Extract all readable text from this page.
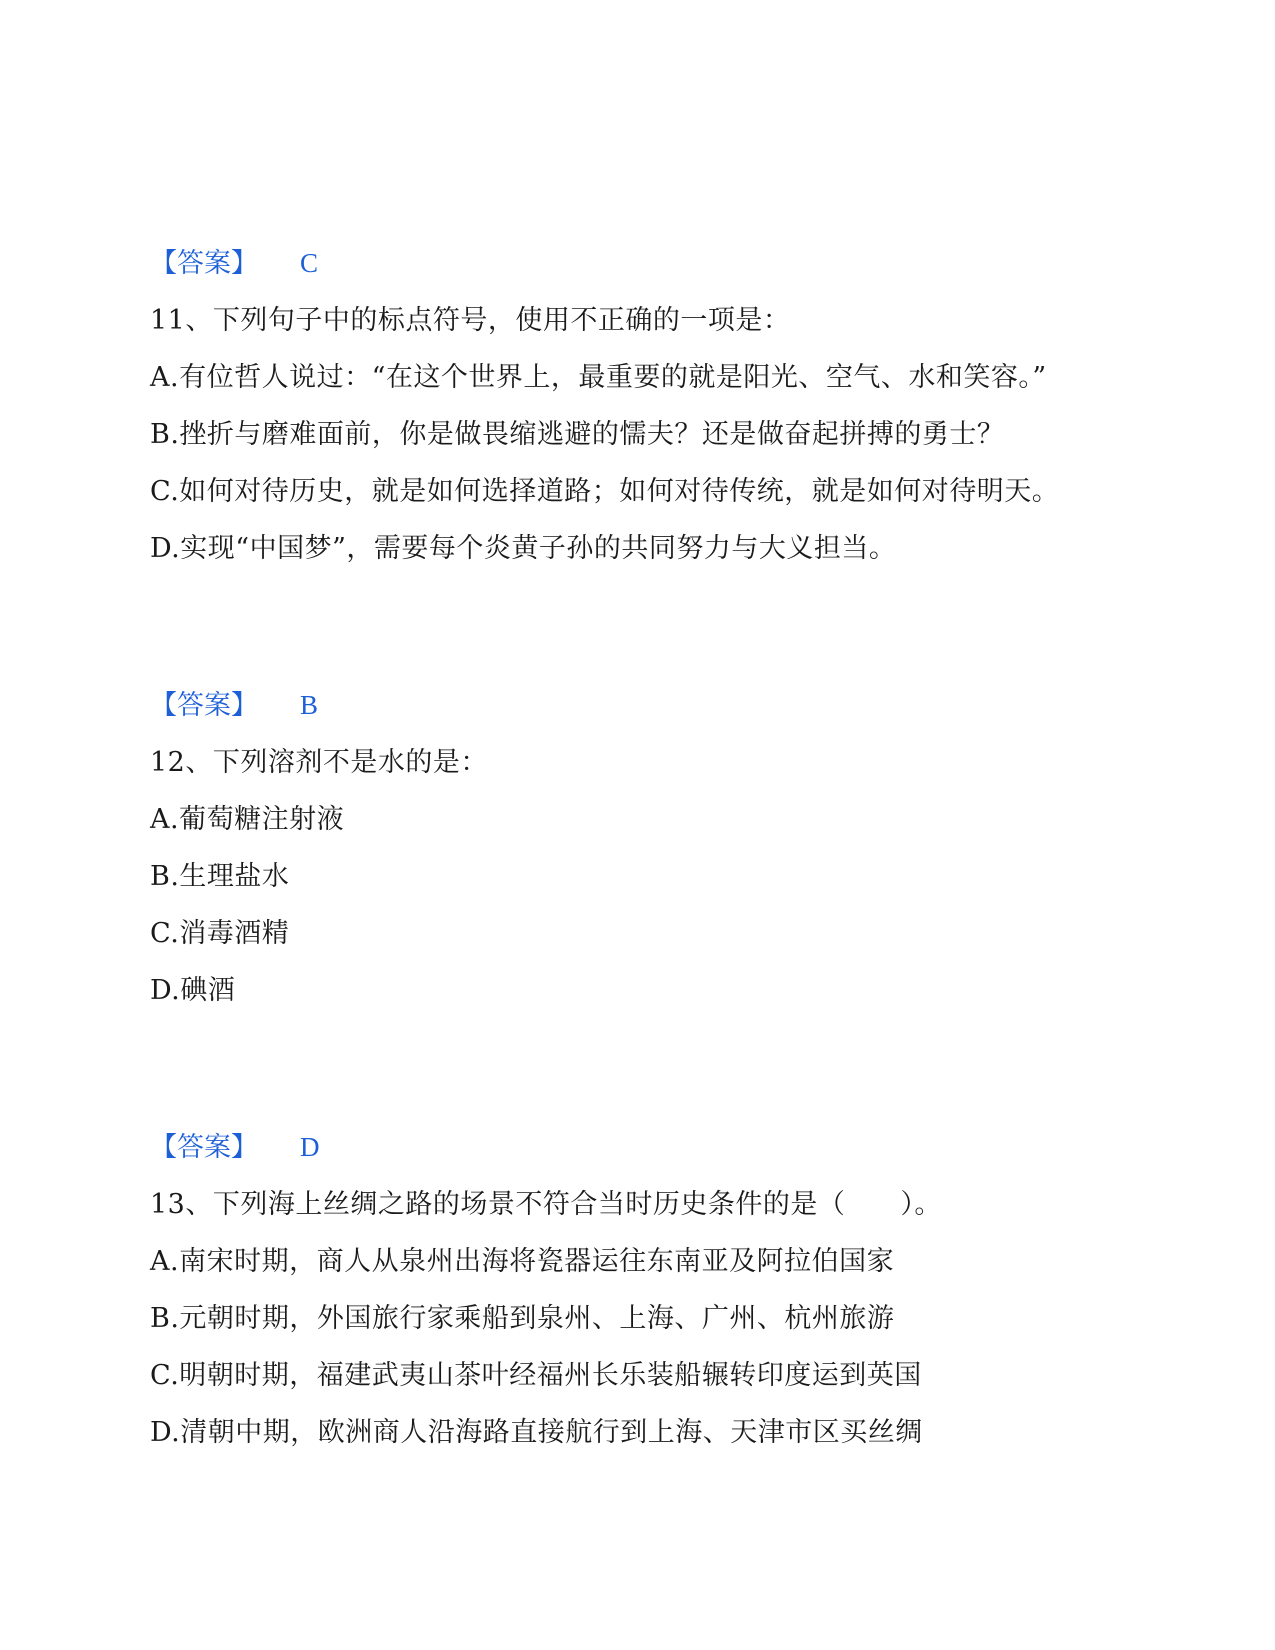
【答案】 C
11、下列句子中的标点符号，使用不正确的一项是：
A.有位哲人说过：“在这个世界上，最重要的就是阳光、空气、水和笑容。”
B.挫折与磨难面前，你是做畏缩逃避的懦夫？还是做奋起拼搏的勇士？
C.如何对待历史，就是如何选择道路；如何对待传统，就是如何对待明天。
D.实现“中国梦”，需要每个炎黄子孙的共同努力与大义担当。
【答案】 B
12、下列溶剂不是水的是：
A.葡萄糖注射液
B.生理盐水
C.消毒酒精
D.碘酒
【答案】 D
13、下列海上丝绸之路的场景不符合当时历史条件的是（　　）。
A.南宋时期，商人从泉州出海将瓷器运往东南亚及阿拉伯国家
B.元朝时期，外国旅行家乘船到泉州、上海、广州、杭州旅游
C.明朝时期，福建武夷山茶叶经福州长乐装船辗转印度运到英国
D.清朝中期，欧洲商人沿海路直接航行到上海、天津市区买丝绸
